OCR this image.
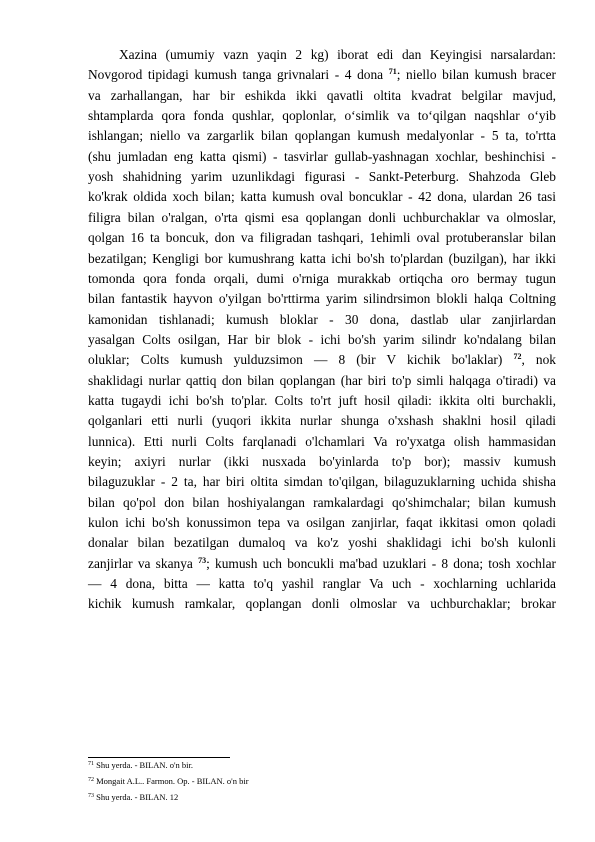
Xazina (umumiy vazn yaqin 2 kg) iborat edi dan Keyingisi narsalardan:
Novgorod tipidagi kumush tanga grivnalari - 4 dona $^{71}$; niello bilan kumush bracer
va zarhallangan, har bir eshikda ikki qavatli oltita kvadrat belgilar mavjud,
shtamplarda qora fonda qushlar, qoplonlar, o‘simlik va to‘qilgan naqshlar o‘yib
ishlangan; niello va zargarlik bilan qoplangan kumush medalyonlar - 5 ta, to'rtta
(shu jumladan eng katta qismi) - tasvirlar gullab-yashnagan xochlar, beshinchisi -
yosh shahidning yarim uzunlikdagi figurasi - Sankt-Peterburg. Shahzoda Gleb
ko'krak oldida xoch bilan; katta kumush oval boncuklar - 42 dona, ulardan 26 tasi
filigra bilan o'ralgan, o'rta qismi esa qoplangan donli uchburchaklar va olmoslar,
qolgan 16 ta boncuk, don va filigradan tashqari, 1ehimli oval protuberanslar bilan
bezatilgan; Kengligi bor kumushrang katta ichi bo'sh to'plardan (buzilgan), har ikki
tomonda qora fonda orqali, dumi o'rniga murakkab ortiqcha oro bermay tugun
bilan fantastik hayvon o'yilgan bo'rttirma yarim silindrsimon blokli halqa Coltning
kamonidan tishlanadi; kumush bloklar - 30 dona, dastlab ular zanjirlardan
yasalgan Colts osilgan, Har bir blok - ichi bo'sh yarim silindr ko'ndalang bilan
oluklar; Colts kumush yulduzsimon — 8 (bir V kichik bo'laklar) $^{72}$, nok
shaklidagi nurlar qattiq don bilan qoplangan (har biri to'p simli halqaga o'tiradi) va
katta tugaydi ichi bo'sh to'plar. Colts to'rt juft hosil qiladi: ikkita olti burchakli,
qolganlari etti nurli (yuqori ikkita nurlar shunga o'xshash shaklni hosil qiladi
lunnica). Etti nurli Colts farqlanadi o'lchamlari Va ro'yxatga olish hammasidan
keyin; axiyri nurlar (ikki nusxada bo'yinlarda to'p bor); massiv kumush
bilaguzuklar - 2 ta, har biri oltita simdan to'qilgan, bilaguzuklarning uchida shisha
bilan qo'pol don bilan hoshiyalangan ramkalardagi qo'shimchalar; bilan kumush
kulon ichi bo'sh konussimon tepa va osilgan zanjirlar, faqat ikkitasi omon qoladi
donalar bilan bezatilgan dumaloq va ko'z yoshi shaklidagi ichi bo'sh kulonli
zanjirlar va skanya $^{73}$; kumush uch boncukli ma'bad uzuklari - 8 dona; tosh xochlar
— 4 dona, bitta — katta to'q yashil ranglar Va uch - xochlarning uchlarida
kichik kumush ramkalar, qoplangan donli olmoslar va uchburchaklar; brokar
$^{71}$ Shu yerda. - BILAN. o'n bir.
$^{72}$ Mongait A.L.. Farmon. Op. - BILAN. o'n bir
$^{73}$ Shu yerda. - BILAN. 12
